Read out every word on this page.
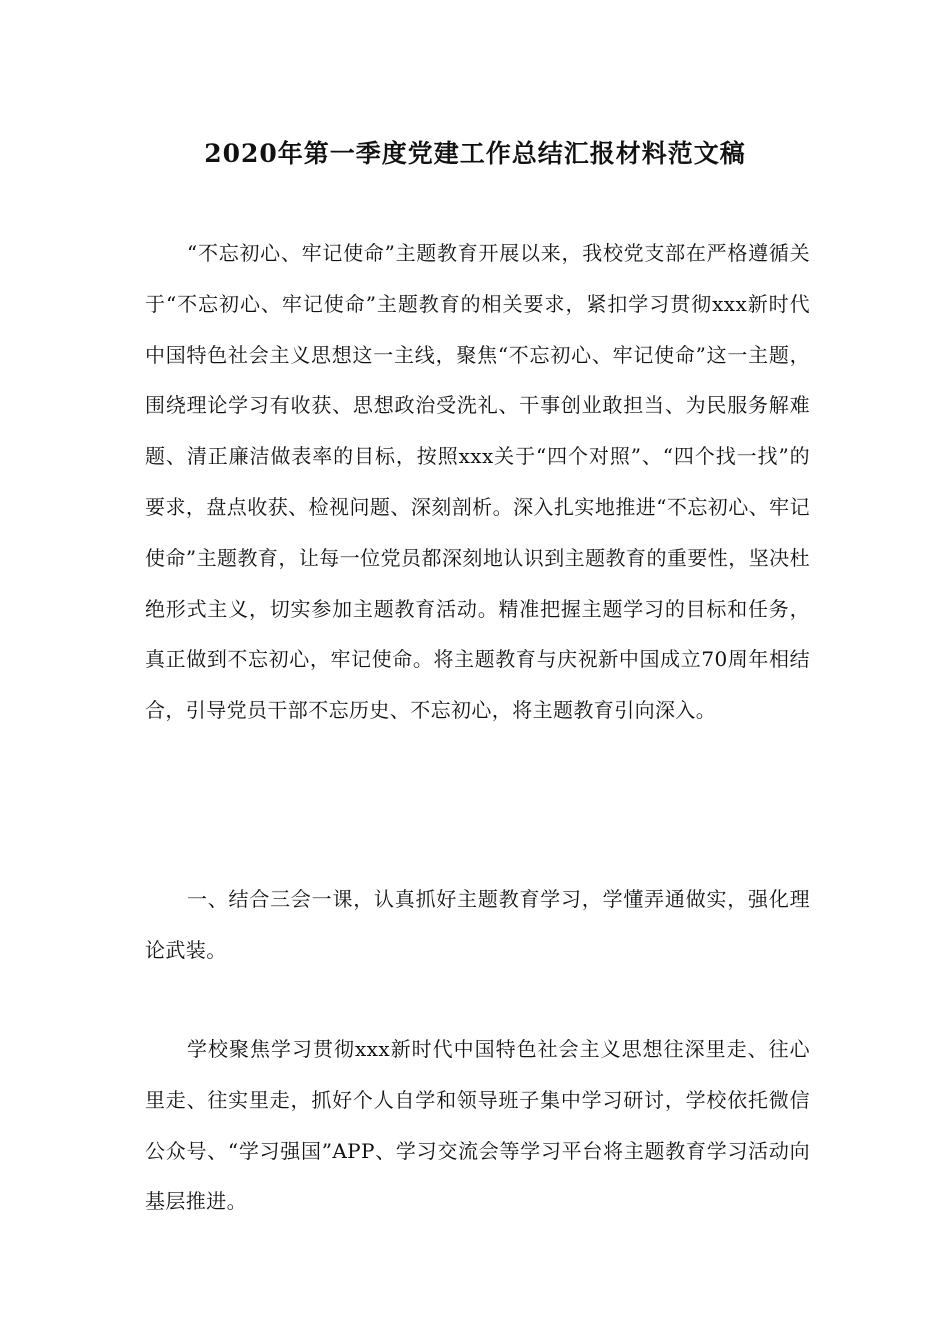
2020年第一季度党建工作总结汇报材料范文稿

“不忘初心、牢记使命”主题教育开展以来，我校党支部在严格遵循关于“不忘初心、牢记使命”主题教育的相关要求，紧扣学习贯彻xxx新时代中国特色社会主义思想这一主线，聚焦“不忘初心、牢记使命”这一主题，围绕理论学习有收获、思想政治受洗礼、干事创业敢担当、为民服务解难题、清正廉洁做表率的目标，按照xxx关于“四个对照”、“四个找一找”的要求，盘点收获、检视问题、深刻剖析。深入扎实地推进“不忘初心、牢记使命”主题教育，让每一位党员都深刻地认识到主题教育的重要性，坚决杜绝形式主义，切实参加主题教育活动。精准把握主题学习的目标和任务，真正做到不忘初心，牢记使命。将主题教育与庆祝新中国成立70周年相结合，引导党员干部不忘历史、不忘初心，将主题教育引向深入。

一、结合三会一课，认真抓好主题教育学习，学懂弄通做实，强化理论武装。

学校聚焦学习贯彻xxx新时代中国特色社会主义思想往深里走、往心里走、往实里走，抓好个人自学和领导班子集中学习研讨，学校依托微信公众号、“学习强国”APP、学习交流会等学习平台将主题教育学习活动向基层推进。
